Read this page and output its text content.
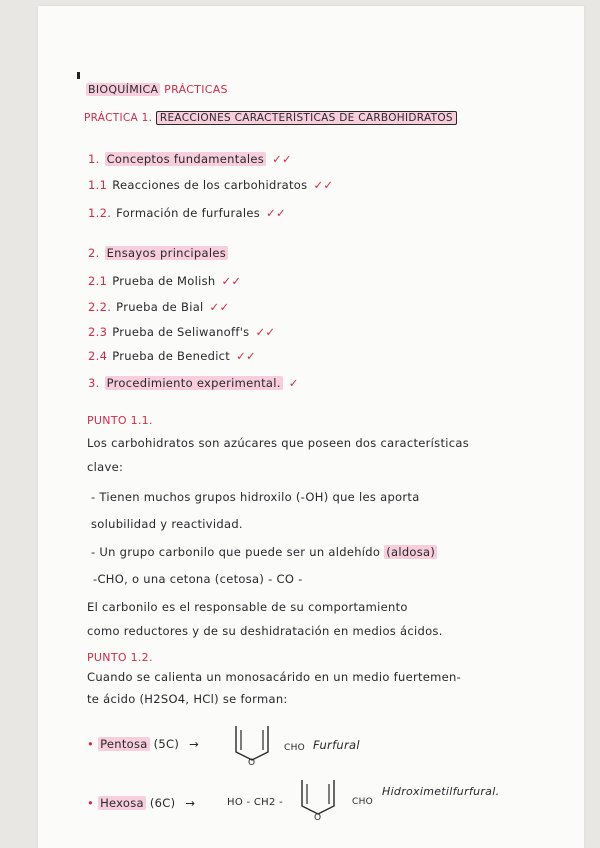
BIOQUÍMICA PRÁCTICAS
PRÁCTICA 1. REACCIONES CARACTERÍSTICAS DE CARBOHIDRATOS
1. Conceptos fundamentales ✓✓
1.1 Reacciones de los carbohidratos ✓✓
1.2. Formación de furfurales ✓✓
2. Ensayos principales
2.1 Prueba de Molish ✓✓
2.2. Prueba de Bial ✓✓
2.3 Prueba de Seliwanoff's ✓✓
2.4 Prueba de Benedict ✓✓
3. Procedimiento experimental. ✓
PUNTO 1.1.
Los carbohidratos son azúcares que poseen dos características
clave:
- Tienen muchos grupos hidroxilo (-OH) que les aporta
solubilidad y reactividad.
- Un grupo carbonilo que puede ser un aldehído (aldosa)
-CHO, o una cetona (cetosa) - CO -
El carbonilo es el responsable de su comportamiento
como reductores y de su deshidratación en medios ácidos.
PUNTO 1.2.
Cuando se calienta un monosacárido en un medio fuertemen-
te ácido (H2SO4, HCl) se forman:
• Pentosa (5C) →
O
CHO Furfural
• Hexosa (6C) →	HO - CH2 -
O
CHO
Hidroximetilfurfural.
